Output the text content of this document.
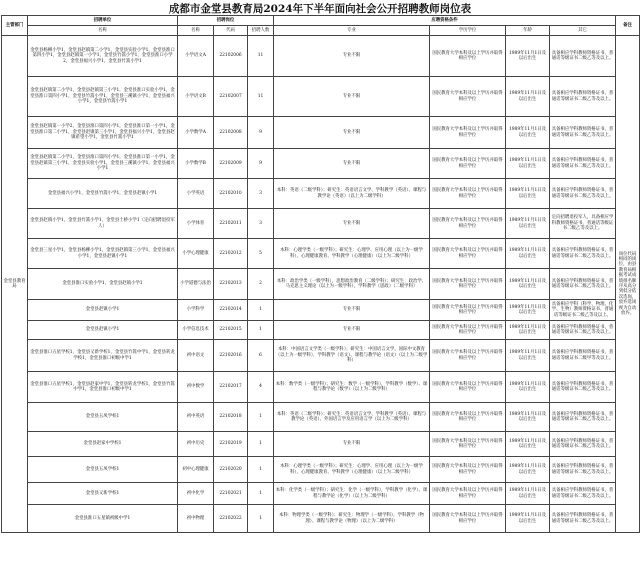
成都市金堂县教育局2024年下半年面向社会公开招聘教师岗位表
主管部门	招聘单位	招聘岗位			应聘资格条件				备注
	名称	名称	代码	招聘人数	专业	学历学位	年龄	其它	
金堂县教育局	金堂县杨柳小学1，金堂县赵镇第二小学1，金堂县实验小学1，金堂县淮口第四小学1，金堂县赵镇第一小学1，金堂县竹篙小学1，金堂县淮口小学2，金堂县福兴小学1，金堂县竹篙小学1	小学语文A	22102006	11	专业不限	国民教育大学本科及以上学历并取得相应学位	1989年11月1日及以后出生	具备相应学科教师资格证书，普通话等级证书二级乙等及以上。	岗位代码相同的岗位，由县教育局根据考试成绩排名顺序从高分到低分依次选岗，放弃选岗视为自动放弃。
	金堂县赵镇第二小学1，金堂县赵镇第三小学1，金堂县淮口实验小学1，金堂县淮口第四小学1，金堂县竹篙小学1，金堂县三溪镇小学1，金堂县福兴小学1，金堂县竹篙小学1	小学语文B	22102007	11	专业不限	国民教育大学本科及以上学历并取得相应学位	1989年11月1日及以后出生	具备相应学科教师资格证书，普通话等级证书二级乙等及以上。	
	金堂县赵镇第一小学2，金堂县淮口第四小学1，金堂县淮口第一小学1，金堂县淮口第二小学1，金堂县赵镇第三小学1，金堂县福兴小学1，金堂县赵镇希望小学1，金堂县竹篙小学1	小学数学A	22102008	9	专业不限	国民教育大学本科及以上学历并取得相应学位	1989年11月1日及以后出生	具备相应学科教师资格证书，普通话等级证书二级乙等及以上。	
	金堂县赵镇第二小学1，金堂县淮口第四小学1，金堂县淮口第一小学1，金堂县赵镇第三小学1，金堂县实验小学1，金堂县三溪镇小学1，金堂县福兴小学1	小学数学B	22102009	9	专业不限	国民教育大学本科及以上学历并取得相应学位	1989年11月1日及以后出生	具备相应学科教师资格证书，普通话等级证书二级乙等及以上。	
	金堂县福兴小学1，金堂县竹篙小学1，金堂县赵镇小学1	小学英语	22102010	3	本科：英语（二级学科）；研究生：英语语言文学、学科教学（英语）、课程与教学论（英语）（以上为二级学科）	国民教育大学本科及以上学历并取得相应学位	1989年11月1日及以后出生	具备相应学科教师资格证书，普通话等级证书二级乙等及以上。	
	金堂县赵镇小学1，金堂县竹篙小学1，金堂县土桥小学1（定向招聘退役军人）	小学体育	22102011	3	专业不限	国民教育大学本科及以上学历并取得相应学位	1989年11月1日及以后出生	定向招聘退役军人，具备相应学科教师资格证书，普通话等级证书二级乙等及以上。	
	金堂县三星小学1，金堂县杨柳小学1，金堂县赵镇第三小学1，金堂县福兴小学1，金堂县赵镇小学1	小学心理健康	22102012	5	本科：心理学类（一级学科）；研究生：心理学、应用心理（以上为一级学科），心理健康教育、学科教学（心理健康）（以上为二级学科）	国民教育大学本科及以上学历并取得相应学位	1989年11月1日及以后出生	具备相应学科教师资格证书，普通话等级证书二级乙等及以上。	
	金堂县淮口实验小学1，金堂县赵镇小学1	小学道德与法治	22102013	2	本科：政治学类（一级学科），思想政治教育（二级学科）；研究生：政治学、马克思主义理论（以上为一级学科），学科教学（思政）（二级学科）	国民教育大学本科及以上学历并取得相应学位	1989年11月1日及以后出生	具备相应学科教师资格证书，普通话等级证书二级乙等及以上。	
	金堂县赵镇小学1	小学科学	22102014	1	专业不限	国民教育大学本科及以上学历并取得相应学位	1989年11月1日及以后出生	具备相应学科（科学、物理、化学、生物）教师资格证书，普通话等级证书二级乙等及以上。	
	金堂县赵镇小学1	小学信息技术	22102015	1	专业不限	国民教育大学本科及以上学历并取得相应学位	1989年11月1日及以后出生	具备相应学科教师资格证书，普通话等级证书二级乙等及以上。	
	金堂县淮口五星学校1，金堂县又新学校1，金堂县竹篙中学1，金堂县转龙学校1，金堂县淮口初级中学1	初中语文	22102016	6	本科：中国语言文学类（一级学科）；研究生：中国语言文学、国际中文教育（以上为一级学科），学科教学（语文）、课程与教学论（语文）（以上为二级学科）	国民教育大学本科及以上学历并取得相应学位	1989年11月1日及以后出生	具备相应学科教师资格证书，普通话等级证书二级甲等及以上。	
	金堂县淮口五星学校1，金堂县赵家中学1，金堂县转龙学校1，金堂县竹篙中学1，金堂县淮口初级中学1	初中数学	22102017	4	本科：数学类（一级学科）；研究生：数学（一级学科），学科教学（数学）、课程与教学论（数学）（以上为二级学科）	国民教育大学本科及以上学历并取得相应学位	1989年11月1日及以后出生	具备相应学科教师资格证书，普通话等级证书二级乙等及以上。	
	金堂县五凤学校1	初中英语	22102018	1	本科：英语（二级学科）；研究生：英语语言文学、学科教学（英语）、课程与教学论（英语）、外国语言学及应用语言学（以上为二级学科）	国民教育大学本科及以上学历并取得相应学位	1989年11月1日及以后出生	具备相应学科教师资格证书，普通话等级证书二级乙等及以上。	
	金堂县赵家中学校1	初中历史	22102019	1	专业不限	国民教育大学本科及以上学历并取得相应学位	1989年11月1日及以后出生	具备相应学科教师资格证书，普通话等级证书二级乙等及以上。	
	金堂县五凤学校1	初中心理健康	22102020	1	本科：心理学类（一级学科）；研究生：心理学、应用心理（以上为一级学科），心理健康教育、学科教学（心理健康）（以上为二级学科）	国民教育大学本科及以上学历并取得相应学位	1989年11月1日及以后出生	具备相应学科教师资格证书，普通话等级证书二级乙等及以上。	
	金堂县又新学校1	初中化学	22102021	1	本科：化学类（一级学科）；研究生：化学（一级学科），学科教学（化学）、课程与教学论（化学）（以上为二级学科）	国民教育大学本科及以上学历并取得相应学位	1989年11月1日及以后出生	具备相应学科教师资格证书，普通话等级证书二级乙等及以上。	
	金堂县淮口五星镇初级中学1	初中物理	22102022	1	本科：物理学类（一级学科）；研究生：物理学（一级学科），学科教学（物理）、课程与教学论（物理）（以上为二级学科）	国民教育大学本科及以上学历并取得相应学位	1989年11月1日及以后出生	具备相应学科教师资格证书，普通话等级证书二级乙等及以上。	
